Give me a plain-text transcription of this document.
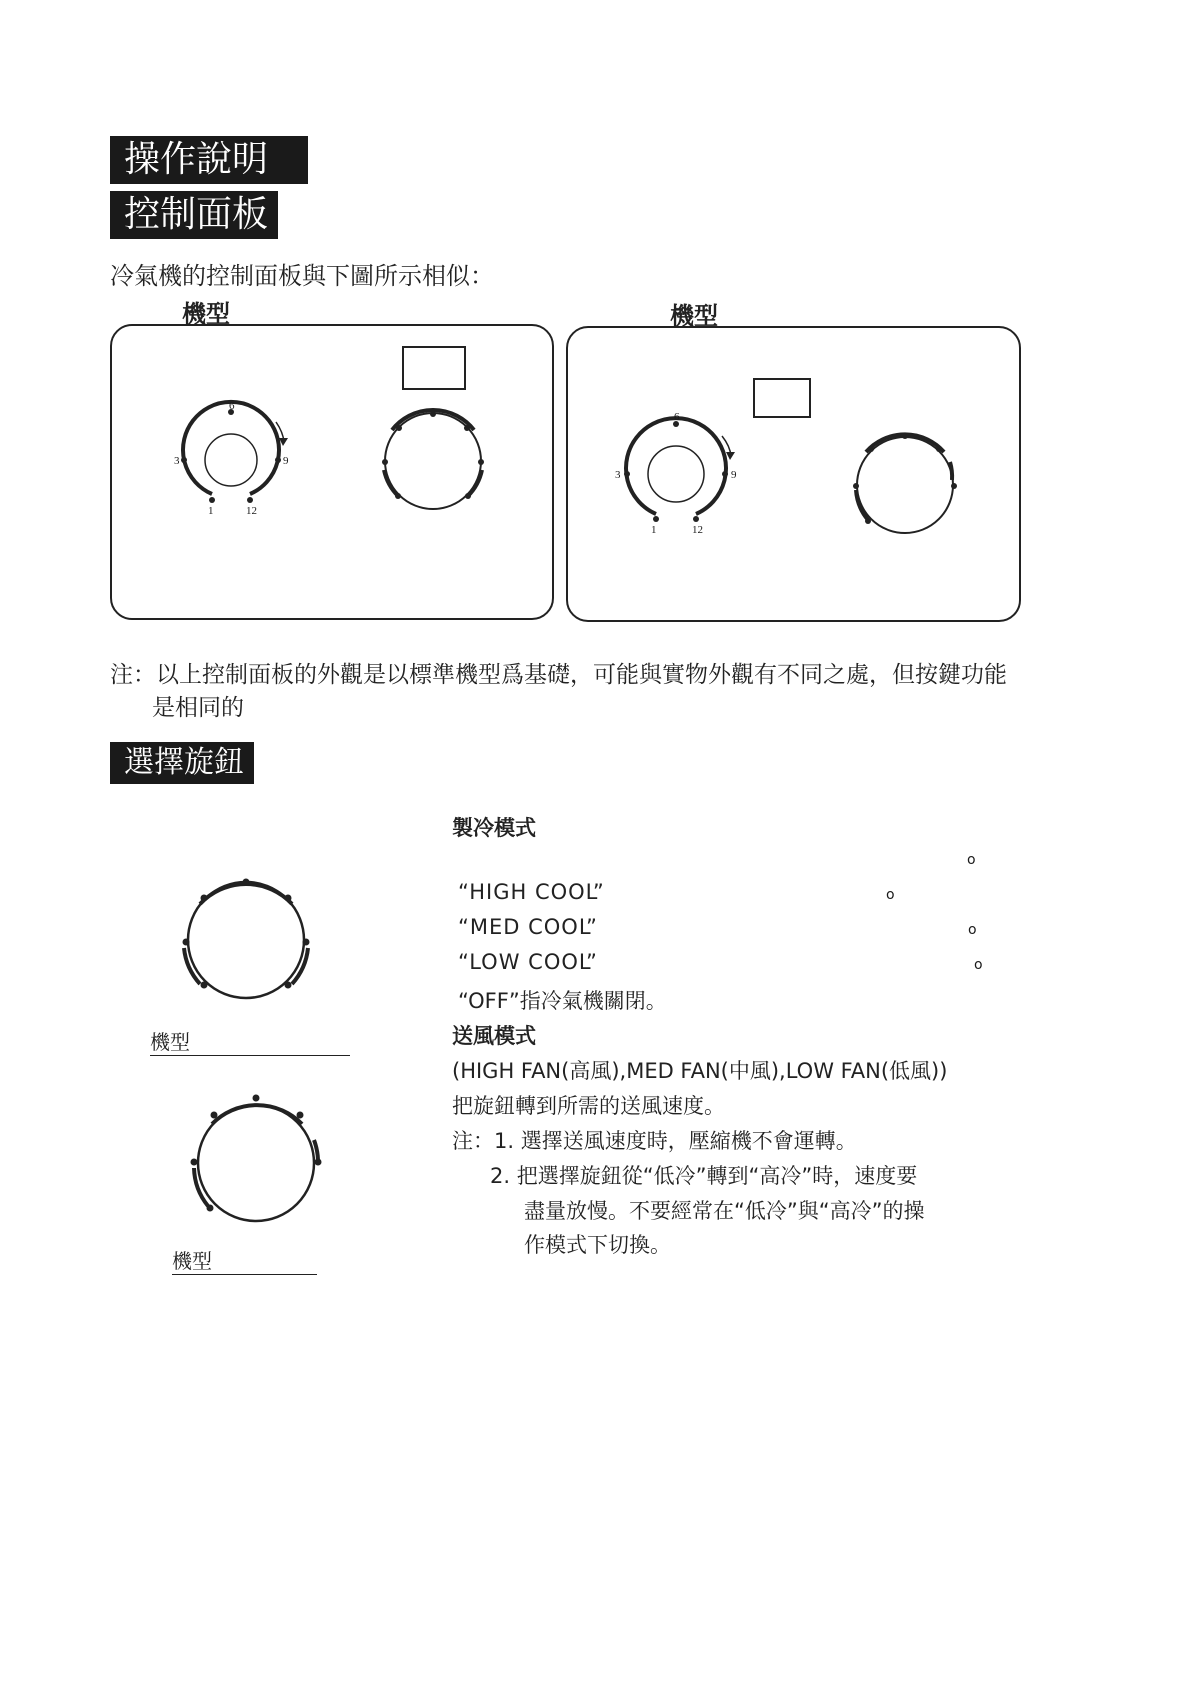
操作說明
控制面板
冷氣機的控制面板與下圖所示相似：
機型	機型
6
3	9
1	12
6
3	9
1	12
注：以上控制面板的外觀是以標準機型爲基礎，可能與實物外觀有不同之處，但按鍵功能
是相同的
選擇旋鈕
機型
機型
製冷模式
o
“HIGH COOL”	o
“MED COOL”	o
“LOW COOL”	o
“OFF”指冷氣機關閉。
送風模式
(HIGH FAN(高風),MED FAN(中風),LOW FAN(低風))
把旋鈕轉到所需的送風速度。
注：1. 選擇送風速度時，壓縮機不會運轉。
2. 把選擇旋鈕從“低冷”轉到“高冷”時，速度要
盡量放慢。不要經常在“低冷”與“高冷”的操
作模式下切換。
